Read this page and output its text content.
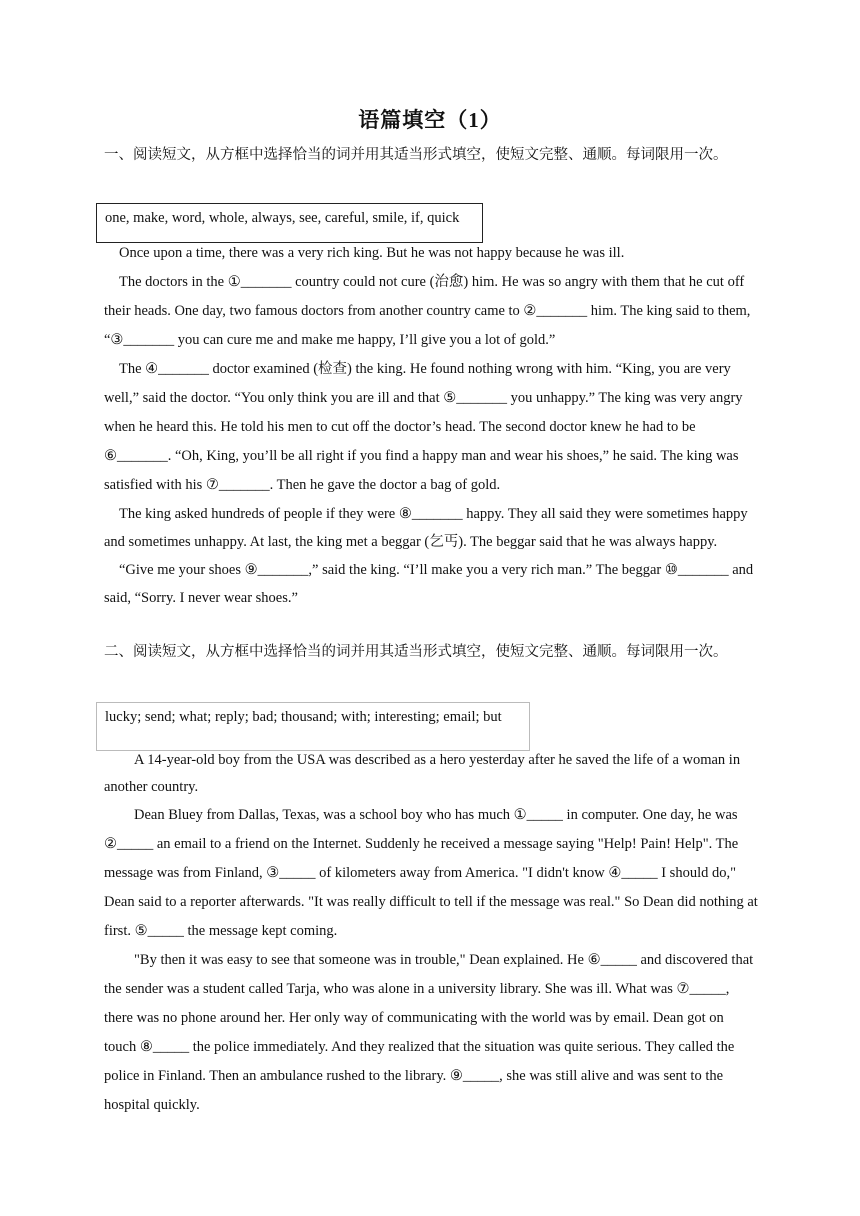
语篇填空（1）
一、阅读短文，从方框中选择恰当的词并用其适当形式填空，使短文完整、通顺。每词限用一次。
one, make, word, whole, always, see, careful, smile, if, quick

Once upon a time, there was a very rich king. But he was not happy because he was ill.

The doctors in the ①_______ country could not cure (治愈) him. He was so angry with them that he cut off their heads. One day, two famous doctors from another country came to ②_______ him. The king said to them, “③_______ you can cure me and make me happy, I’ll give you a lot of gold.”

The ④_______ doctor examined (检查) the king. He found nothing wrong with him. “King, you are very well,” said the doctor. “You only think you are ill and that ⑤_______ you unhappy.” The king was very angry when he heard this. He told his men to cut off the doctor’s head. The second doctor knew he had to be ⑥_______. “Oh, King, you’ll be all right if you find a happy man and wear his shoes,” he said. The king was satisfied with his ⑦_______. Then he gave the doctor a bag of gold.

The king asked hundreds of people if they were ⑧_______ happy. They all said they were sometimes happy and sometimes unhappy. At last, the king met a beggar (乞丐). The beggar said that he was always happy.

“Give me your shoes ⑨_______,” said the king. “I’ll make you a very rich man.” The beggar ⑩_______ and said, “Sorry. I never wear shoes.”

二、阅读短文，从方框中选择恰当的词并用其适当形式填空，使短文完整、通顺。每词限用一次。
lucky; send; what; reply; bad; thousand; with; interesting; email; but

A 14-year-old boy from the USA was described as a hero yesterday after he saved the life of a woman in another country.

Dean Bluey from Dallas, Texas, was a school boy who has much ①_____ in computer. One day, he was ②_____ an email to a friend on the Internet. Suddenly he received a message saying "Help! Pain! Help". The message was from Finland, ③_____ of kilometers away from America. "I didn't know ④_____ I should do," Dean said to a reporter afterwards. "It was really difficult to tell if the message was real." So Dean did nothing at first. ⑤_____ the message kept coming.

"By then it was easy to see that someone was in trouble," Dean explained. He ⑥_____ and discovered that the sender was a student called Tarja, who was alone in a university library. She was ill. What was ⑦_____, there was no phone around her. Her only way of communicating with the world was by email. Dean got on touch ⑧_____ the police immediately. And they realized that the situation was quite serious. They called the police in Finland. Then an ambulance rushed to the library. ⑨_____, she was still alive and was sent to the hospital quickly.
